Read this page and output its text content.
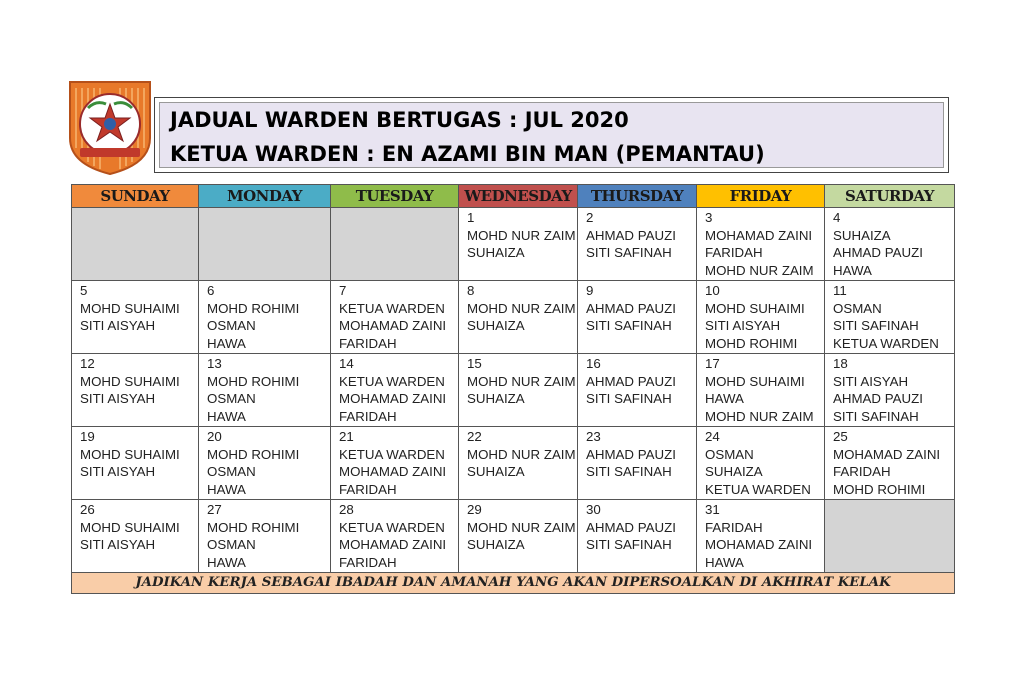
JADUAL WARDEN BERTUGAS : JUL 2020
KETUA WARDEN : EN AZAMI BIN MAN (PEMANTAU)
SUNDAY	MONDAY	TUESDAY	WEDNESDAY	THURSDAY	FRIDAY	SATURDAY

			1
MOHD NUR ZAIM
SUHAIZA	2
AHMAD PAUZI
SITI SAFINAH	3
MOHAMAD ZAINI
FARIDAH
MOHD NUR ZAIM	4
SUHAIZA
AHMAD PAUZI
HAWA

5
MOHD SUHAIMI
SITI AISYAH	6
MOHD ROHIMI
OSMAN
HAWA	7
KETUA WARDEN
MOHAMAD ZAINI
FARIDAH	8
MOHD NUR ZAIM
SUHAIZA	9
AHMAD PAUZI
SITI SAFINAH	10
MOHD SUHAIMI
SITI AISYAH
MOHD ROHIMI	11
OSMAN
SITI SAFINAH
KETUA WARDEN

12
MOHD SUHAIMI
SITI AISYAH	13
MOHD ROHIMI
OSMAN
HAWA	14
KETUA WARDEN
MOHAMAD ZAINI
FARIDAH	15
MOHD NUR ZAIM
SUHAIZA	16
AHMAD PAUZI
SITI SAFINAH	17
MOHD SUHAIMI
HAWA
MOHD NUR ZAIM	18
SITI AISYAH
AHMAD PAUZI
SITI SAFINAH

19
MOHD SUHAIMI
SITI AISYAH	20
MOHD ROHIMI
OSMAN
HAWA	21
KETUA WARDEN
MOHAMAD ZAINI
FARIDAH	22
MOHD NUR ZAIM
SUHAIZA	23
AHMAD PAUZI
SITI SAFINAH	24
OSMAN
SUHAIZA
KETUA WARDEN	25
MOHAMAD ZAINI
FARIDAH
MOHD ROHIMI

26
MOHD SUHAIMI
SITI AISYAH	27
MOHD ROHIMI
OSMAN
HAWA	28
KETUA WARDEN
MOHAMAD ZAINI
FARIDAH	29
MOHD NUR ZAIM
SUHAIZA	30
AHMAD PAUZI
SITI SAFINAH	31
FARIDAH
MOHAMAD ZAINI
HAWA	

JADIKAN KERJA SEBAGAI IBADAH DAN AMANAH YANG AKAN DIPERSOALKAN DI AKHIRAT KELAK						
